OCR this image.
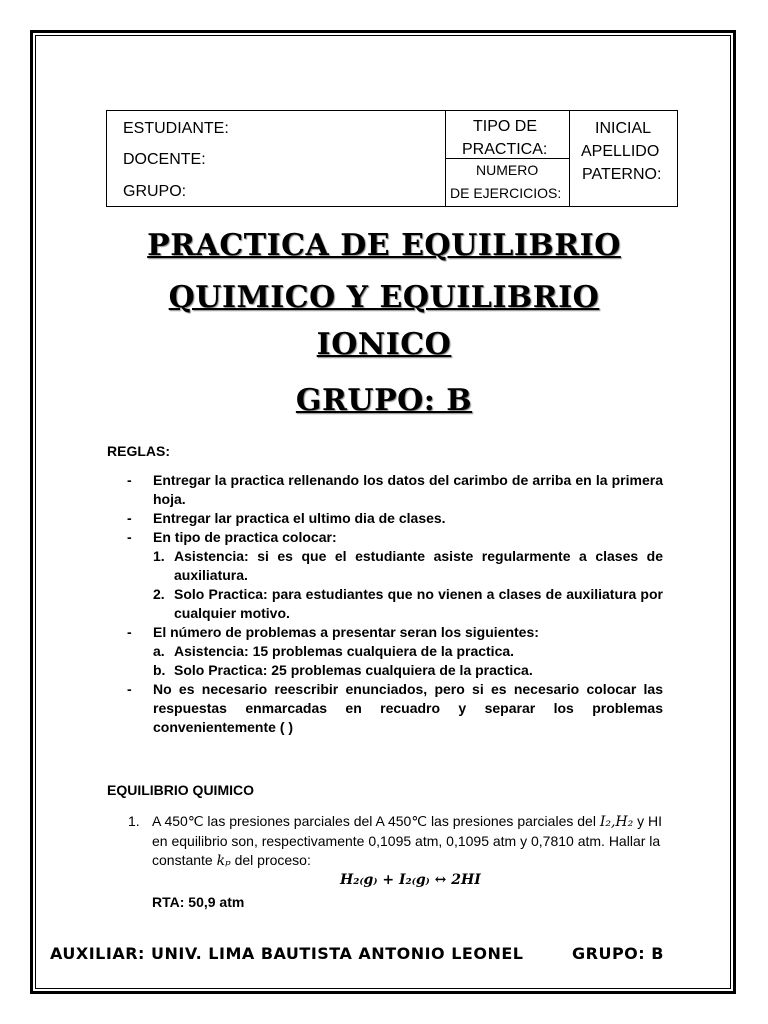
ESTUDIANTE:
DOCENTE:
GRUPO:
TIPO DE
PRACTICA:
NUMERO
DE EJERCICIOS:
INICIAL
APELLIDO
PATERNO:
PRACTICA DE EQUILIBRIO
QUIMICO Y EQUILIBRIO
IONICO
GRUPO: B
REGLAS:
- Entregar la practica rellenando los datos del carimbo de arriba en la primera hoja.
- Entregar lar practica el ultimo dia de clases.
- En tipo de practica colocar:
1. Asistencia: si es que el estudiante asiste regularmente a clases de auxiliatura.
2. Solo Practica: para estudiantes que no vienen a clases de auxiliatura por cualquier motivo.
- El número de problemas a presentar seran los siguientes:
a. Asistencia: 15 problemas cualquiera de la practica.
b. Solo Practica: 25 problemas cualquiera de la practica.
- No es necesario reescribir enunciados, pero si es necesario colocar las respuestas enmarcadas en recuadro y separar los problemas convenientemente ( )
EQUILIBRIO QUIMICO
1. A 450℃ las presiones parciales del A 450℃ las presiones parciales del I₂,H₂ y HI en equilibrio son, respectivamente 0,1095 atm, 0,1095 atm y 0,7810 atm. Hallar la constante kₚ del proceso:
H₂₍g₎ + I₂₍g₎ ↔ 2HI
RTA: 50,9 atm
AUXILIAR: UNIV. LIMA BAUTISTA ANTONIO LEONEL	GRUPO: B
